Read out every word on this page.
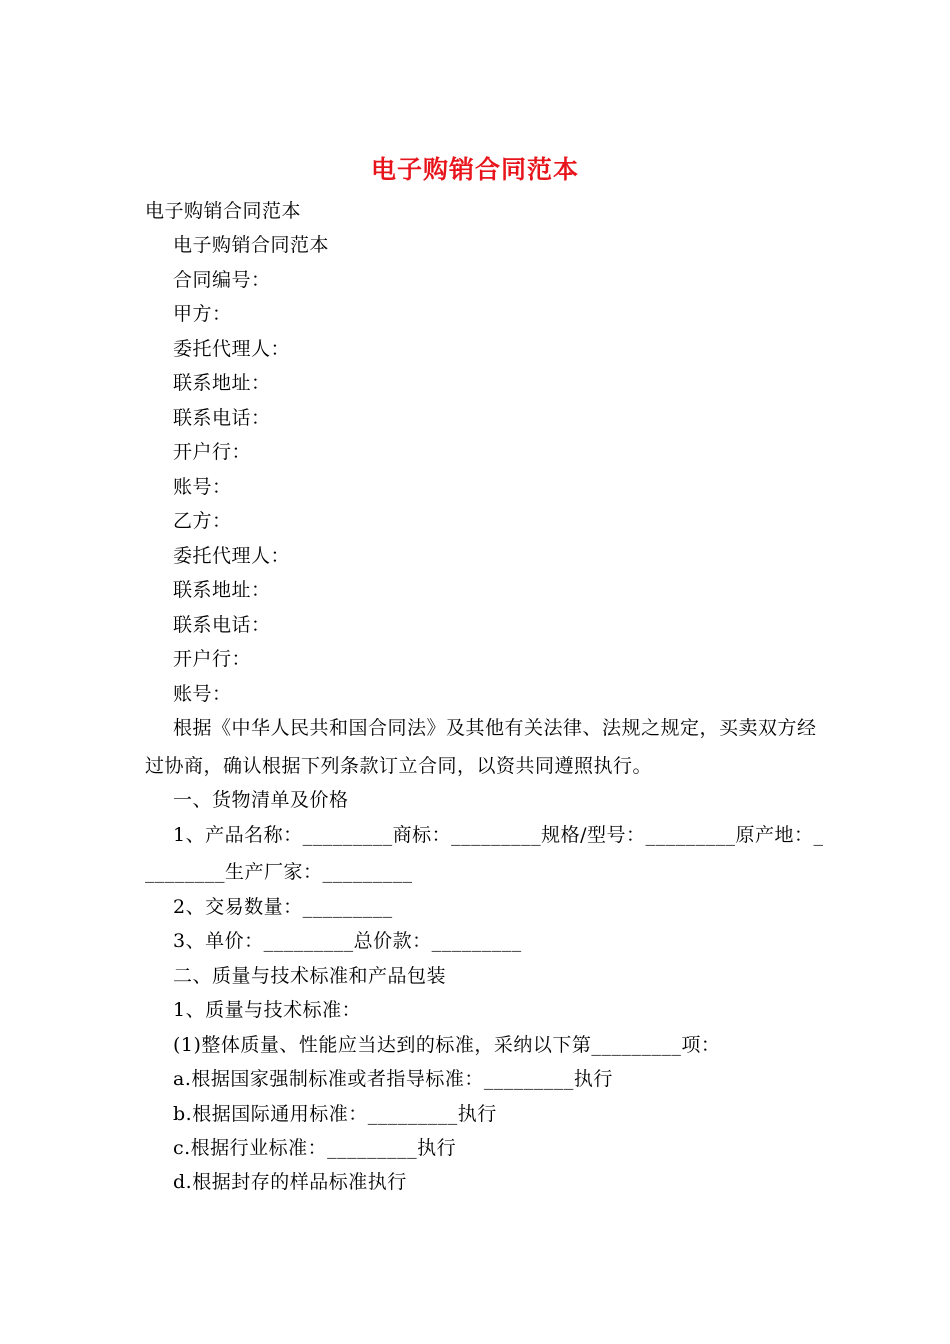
电子购销合同范本
电子购销合同范本
电子购销合同范本
合同编号：
甲方：
委托代理人：
联系地址：
联系电话：
开户行：
账号：
乙方：
委托代理人：
联系地址：
联系电话：
开户行：
账号：
根据《中华人民共和国合同法》及其他有关法律、法规之规定，买卖双方经
过协商，确认根据下列条款订立合同，以资共同遵照执行。
一、货物清单及价格
1、产品名称：_________商标：_________规格/型号：_________原产地：_
________生产厂家：_________
2、交易数量：_________
3、单价：_________总价款：_________
二、质量与技术标准和产品包装
1、质量与技术标准：
(1)整体质量、性能应当达到的标准，采纳以下第_________项：
a.根据国家强制标准或者指导标准：_________执行
b.根据国际通用标准：_________执行
c.根据行业标准：_________执行
d.根据封存的样品标准执行
